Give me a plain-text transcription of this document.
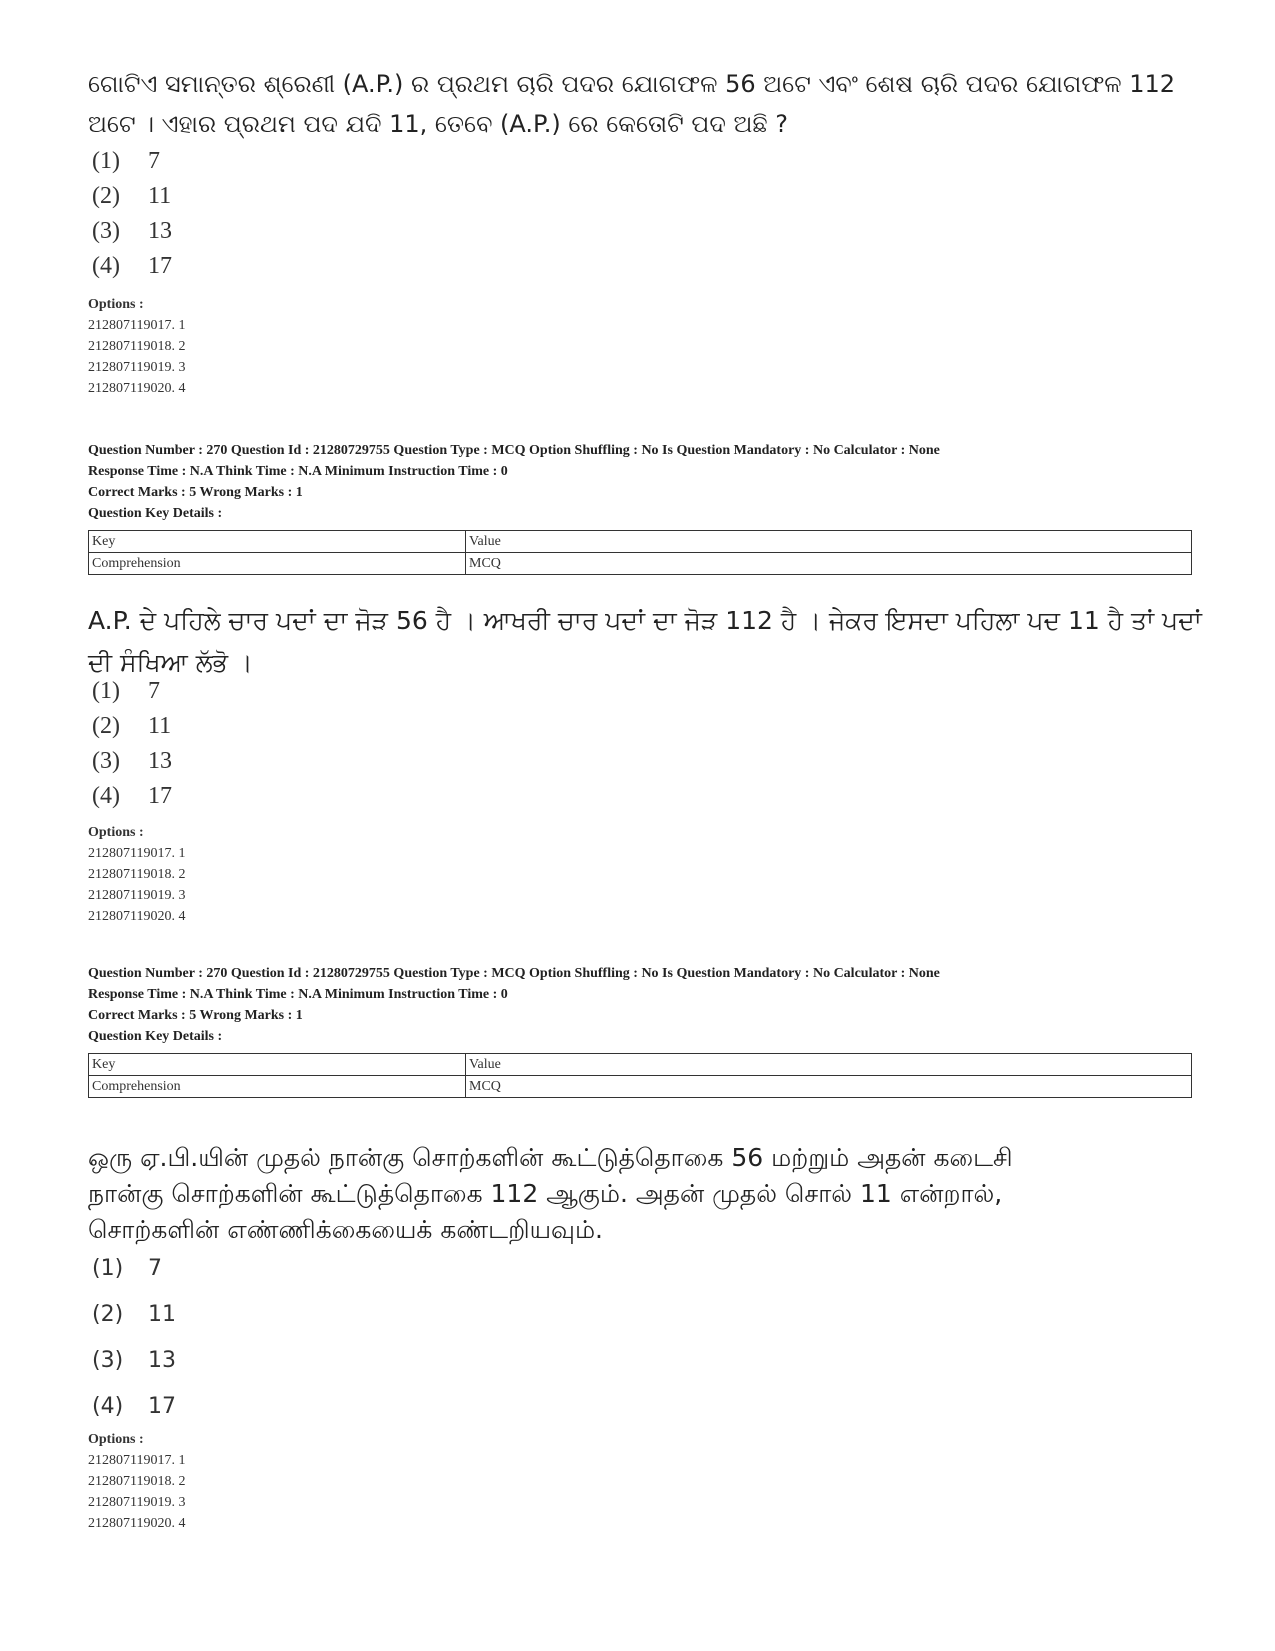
ଗୋଟିଏ ସମାନ୍ତର ଶ୍ରେଣୀ (A.P.) ର ପ୍ରଥମ ଚାରି ପଦର ଯୋଗଫଳ 56 ଅଟେ ଏବଂ ଶେଷ ଚାରି ପଦର ଯୋଗଫଳ 112 ଅଟେ । ଏହାର ପ୍ରଥମ ପଦ ଯଦି 11, ତେବେ (A.P.) ରେ କେତୋଟି ପଦ ଅଛି ?
(1) 7
(2) 11
(3) 13
(4) 17
Options :
212807119017. 1
212807119018. 2
212807119019. 3
212807119020. 4
Question Number : 270 Question Id : 21280729755 Question Type : MCQ Option Shuffling : No Is Question Mandatory : No Calculator : None
Response Time : N.A Think Time : N.A Minimum Instruction Time : 0
Correct Marks : 5 Wrong Marks : 1
Question Key Details :
Key	Value
Comprehension	MCQ
A.P. ਦੇ ਪਹਿਲੇ ਚਾਰ ਪਦਾਂ ਦਾ ਜੋੜ 56 ਹੈ । ਆਖਰੀ ਚਾਰ ਪਦਾਂ ਦਾ ਜੋੜ 112 ਹੈ । ਜੇਕਰ ਇਸਦਾ ਪਹਿਲਾ ਪਦ 11 ਹੈ ਤਾਂ ਪਦਾਂ ਦੀ ਸੰਖਿਆ ਲੱਭੋ ।
(1) 7
(2) 11
(3) 13
(4) 17
Options :
212807119017. 1
212807119018. 2
212807119019. 3
212807119020. 4
Question Number : 270 Question Id : 21280729755 Question Type : MCQ Option Shuffling : No Is Question Mandatory : No Calculator : None
Response Time : N.A Think Time : N.A Minimum Instruction Time : 0
Correct Marks : 5 Wrong Marks : 1
Question Key Details :
Key	Value
Comprehension	MCQ
ஒரு ஏ.பி.யின் முதல் நான்கு சொற்களின் கூட்டுத்தொகை 56 மற்றும் அதன் கடைசி நான்கு சொற்களின் கூட்டுத்தொகை 112 ஆகும். அதன் முதல் சொல் 11 என்றால், சொற்களின் எண்ணிக்கையைக் கண்டறியவும்.
(1) 7
(2) 11
(3) 13
(4) 17
Options :
212807119017. 1
212807119018. 2
212807119019. 3
212807119020. 4
